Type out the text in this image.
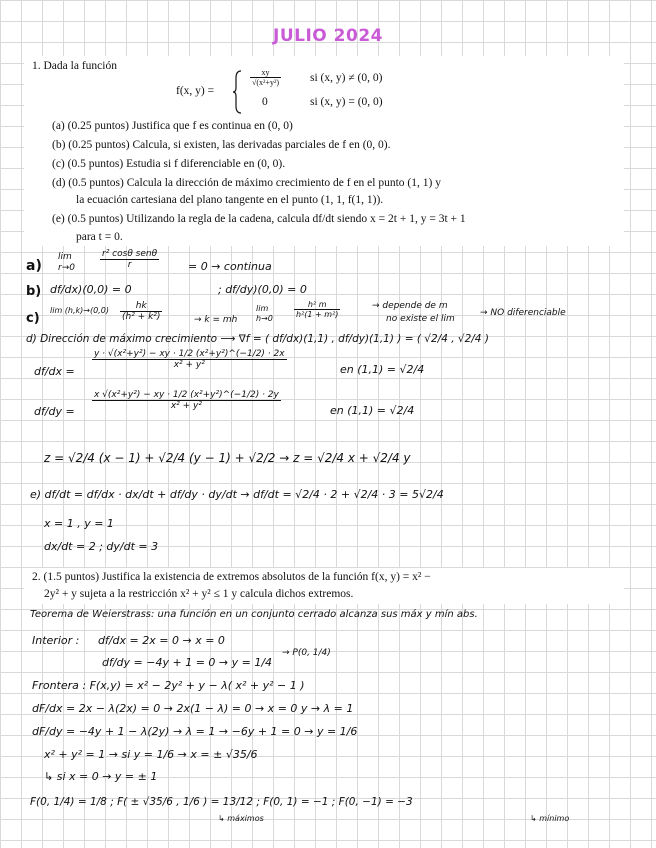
JULIO 2024
1. Dada la función
f(x, y) =
$\frac{xy}{\text{√(x²+y²)}}$	si (x, y) ≠ (0, 0)
0	si (x, y) = (0, 0)
(a) (0.25 puntos) Justifica que f es continua en (0, 0)
(b) (0.25 puntos) Calcula, si existen, las derivadas parciales de f en (0, 0).
(c) (0.5 puntos) Estudia si f diferenciable en (0, 0).
(d) (0.5 puntos) Calcula la dirección de máximo crecimiento de f en el punto (1, 1) y
la ecuación cartesiana del plano tangente en el punto (1, 1, f(1, 1)).
(e) (0.5 puntos) Utilizando la regla de la cadena, calcula df/dt siendo x = 2t + 1, y = 3t + 1
para t = 0.
a)
lim r→0	$\frac{\text{r² cosθ senθ}}{r}$	= 0 → continua
b) df/dx)(0,0) = 0	; df/dy)(0,0) = 0
c)
lim (h,k)→(0,0)	$\frac{hk}{\text{(h² + k²)}}$	→ k = mh
lim h→0	$\frac{\text{h² m}}{\text{h²(1 + m²)}}$	→ depende de m
no existe el lim
→ NO diferenciable
d) Dirección de máximo crecimiento ⟶ ∇f = ( df/dx)(1,1) , df/dy)(1,1) ) = ( √2/4 , √2/4 )
df/dx =
$\frac{\text{y · √(x²+y²) − xy · 1/2 (x²+y²)\textasciicircum{}(−1/2) · 2x}}{\text{x² + y²}}$	en (1,1) = √2/4
df/dy =
$\frac{\text{x √(x²+y²) − xy · 1/2 (x²+y²)\textasciicircum{}(−1/2) · 2y}}{\text{x² + y²}}$	en (1,1) = √2/4
z = √2/4 (x − 1) + √2/4 (y − 1) + √2/2 → z = √2/4 x + √2/4 y
e) df/dt = df/dx · dx/dt + df/dy · dy/dt → df/dt = √2/4 · 2 + √2/4 · 3 = 5√2/4
x = 1 , y = 1
dx/dt = 2 ; dy/dt = 3
2. (1.5 puntos) Justifica la existencia de extremos absolutos de la función f(x, y) = x² −
2y² + y sujeta a la restricción x² + y² ≤ 1 y calcula dichos extremos.
Teorema de Weierstrass: una función en un conjunto cerrado alcanza sus máx y mín abs.
Interior : df/dx = 2x = 0 → x = 0
df/dy = −4y + 1 = 0 → y = 1/4
→ P(0, 1/4)
Frontera : F(x,y) = x² − 2y² + y − λ( x² + y² − 1 )
dF/dx = 2x − λ(2x) = 0 → 2x(1 − λ) = 0 → x = 0 y → λ = 1
dF/dy = −4y + 1 − λ(2y) → λ = 1 → −6y + 1 = 0 → y = 1/6
x² + y² = 1 → si y = 1/6 → x = ± √35/6
↳ si x = 0 → y = ± 1
F(0, 1/4) = 1/8 ; F( ± √35/6 , 1/6 ) = 13/12 ; F(0, 1) = −1 ; F(0, −1) = −3
↳ máximos	↳ mínimo
